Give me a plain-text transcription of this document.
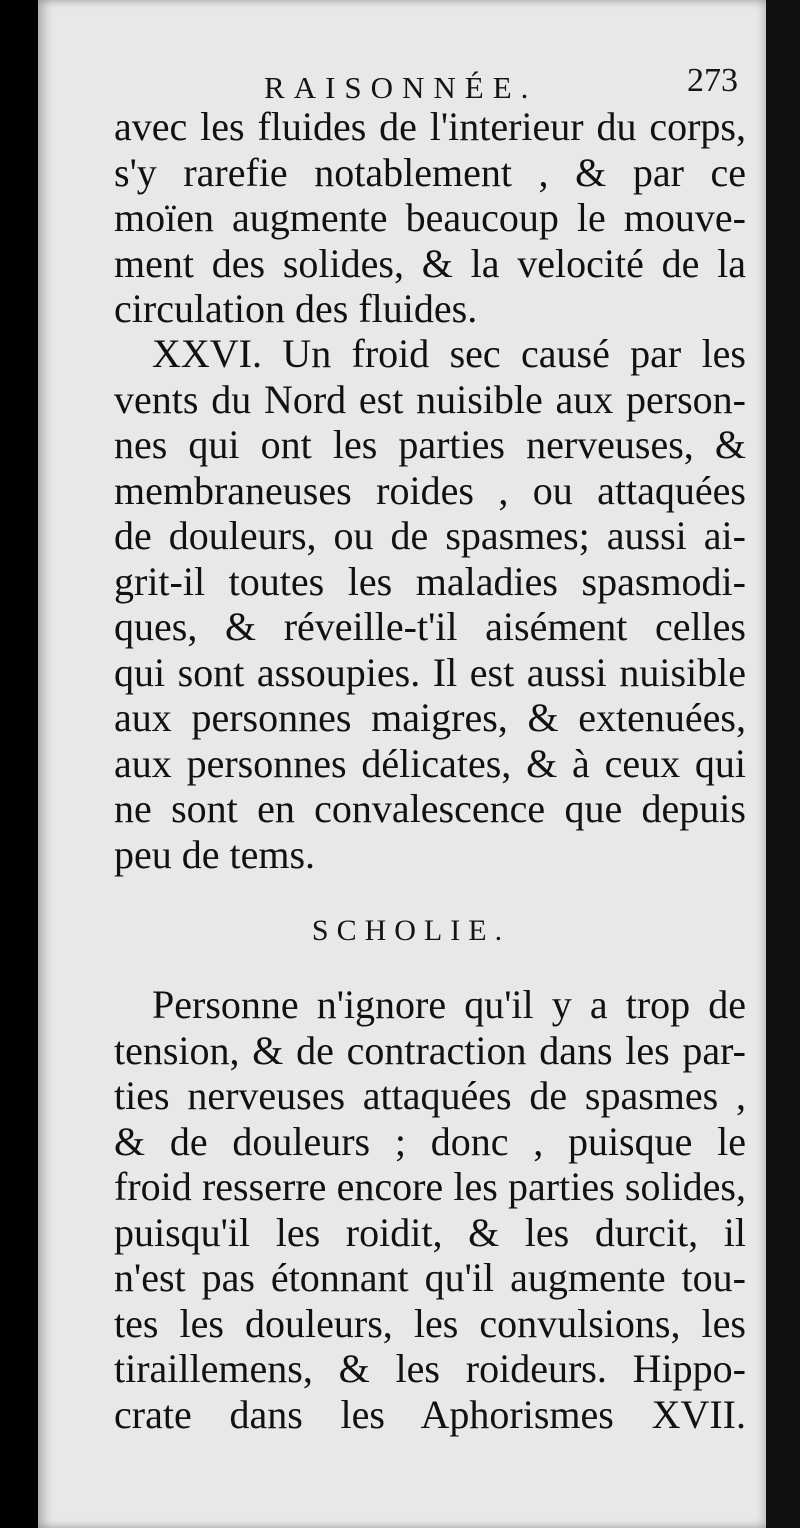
RAISONNÉE.	273
avec les fluides de l'interieur du corps,
s'y rarefie notablement , & par ce
moïen augmente beaucoup le mouve-
ment des solides, & la velocité de la
circulation des fluides.
XXVI. Un froid sec causé par les
vents du Nord est nuisible aux person-
nes qui ont les parties nerveuses, &
membraneuses roides , ou attaquées
de douleurs, ou de spasmes; aussi ai-
grit-il toutes les maladies spasmodi-
ques, & réveille-t'il aisément celles
qui sont assoupies. Il est aussi nuisible
aux personnes maigres, & extenuées,
aux personnes délicates, & à ceux qui
ne sont en convalescence que depuis
peu de tems.
SCHOLIE.
Personne n'ignore qu'il y a trop de
tension, & de contraction dans les par-
ties nerveuses attaquées de spasmes ,
& de douleurs ; donc , puisque le
froid resserre encore les parties solides,
puisqu'il les roidit, & les durcit, il
n'est pas étonnant qu'il augmente tou-
tes les douleurs, les convulsions, les
tiraillemens, & les roideurs. Hippo-
crate dans les Aphorismes XVII.
